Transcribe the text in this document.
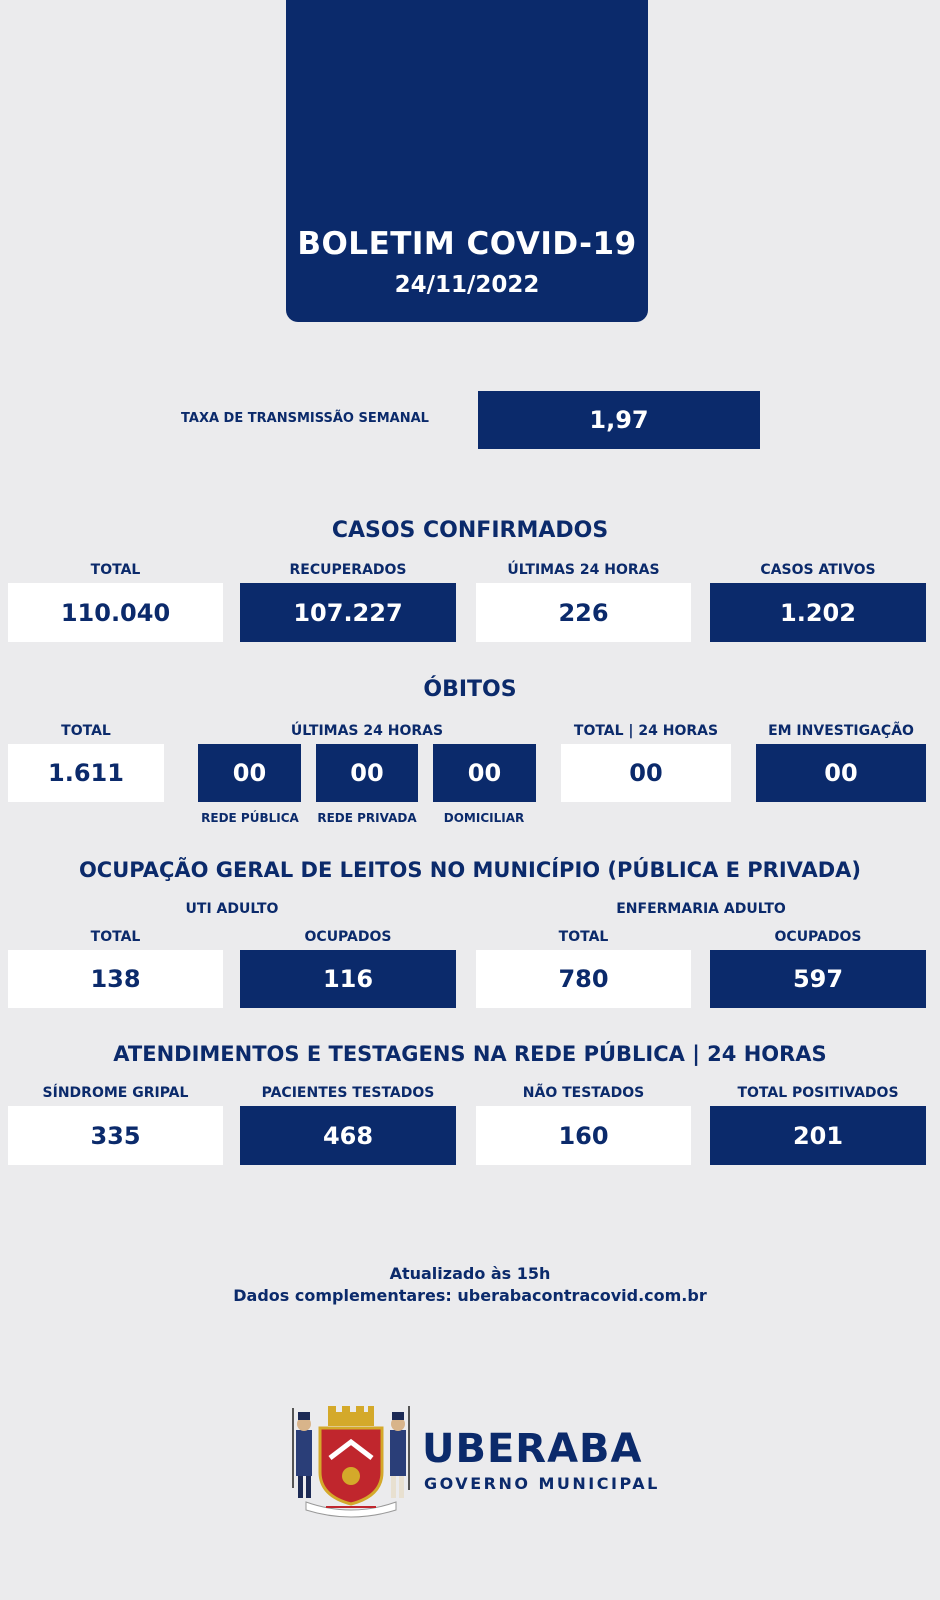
BOLETIM COVID-19
24/11/2022
TAXA DE TRANSMISSÃO SEMANAL	1,97
CASOS CONFIRMADOS
TOTAL	RECUPERADOS	ÚLTIMAS 24 HORAS	CASOS ATIVOS
110.040	107.227	226	1.202
ÓBITOS
TOTAL	ÚLTIMAS 24 HORAS	TOTAL | 24 HORAS	EM INVESTIGAÇÃO
1.611	00	00	00	00	00
REDE PÚBLICA	REDE PRIVADA	DOMICILIAR
OCUPAÇÃO GERAL DE LEITOS NO MUNICÍPIO (PÚBLICA E PRIVADA)
UTI ADULTO	ENFERMARIA ADULTO
TOTAL	OCUPADOS	TOTAL	OCUPADOS
138	116	780	597
ATENDIMENTOS E TESTAGENS NA REDE PÚBLICA | 24 HORAS
SÍNDROME GRIPAL	PACIENTES TESTADOS	NÃO TESTADOS	TOTAL POSITIVADOS
335	468	160	201
Atualizado às 15h
Dados complementares: uberabacontracovid.com.br
UBERABA
GOVERNO MUNICIPAL
